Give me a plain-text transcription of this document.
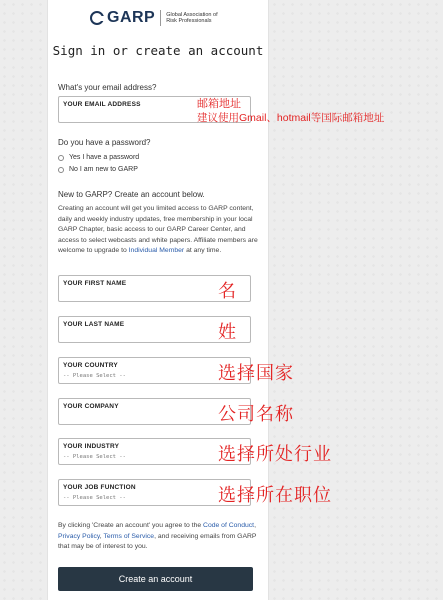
GARP Global Association of Risk Professionals
Sign in or create an account
What's your email address?
YOUR EMAIL ADDRESS
Do you have a password?
Yes I have a password
No I am new to GARP
New to GARP? Create an account below.
Creating an account will get you limited access to GARP content, daily and weekly industry updates, free membership in your local GARP Chapter, basic access to our GARP Career Center, and access to select webcasts and white papers. Affiliate members are welcome to upgrade to Individual Member at any time.
YOUR FIRST NAME
YOUR LAST NAME
YOUR COUNTRY
-- Please Select --
YOUR COMPANY
YOUR INDUSTRY
-- Please Select --
YOUR JOB FUNCTION
-- Please Select --
By clicking 'Create an account' you agree to the Code of Conduct, Privacy Policy, Terms of Service, and receiving emails from GARP that may be of interest to you.
Create an account
邮箱地址
建议使用Gmail、hotmail等国际邮箱地址
名
姓
选择国家
公司名称
选择所处行业
选择所在职位
